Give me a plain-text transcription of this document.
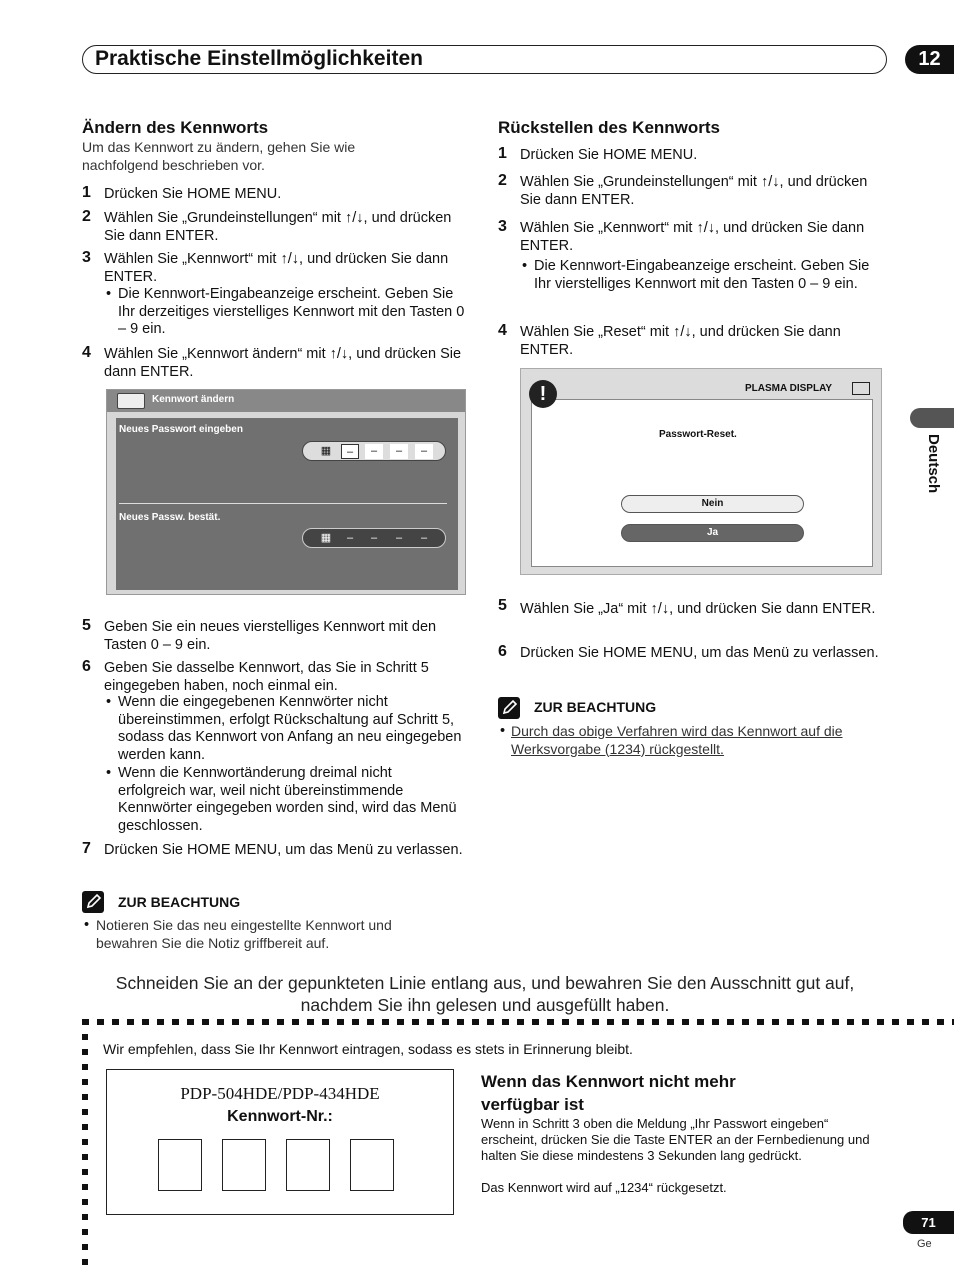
Praktische Einstellmöglichkeiten	12
Deutsch
Ändern des Kennworts
Um das Kennwort zu ändern, gehen Sie wie nachfolgend beschrieben vor.
1 Drücken Sie HOME MENU.
2 Wählen Sie „Grundeinstellungen“ mit ↑/↓, und drücken Sie dann ENTER.
3 Wählen Sie „Kennwort“ mit ↑/↓, und drücken Sie dann ENTER.
• Die Kennwort-Eingabeanzeige erscheint. Geben Sie Ihr derzeitiges vierstelliges Kennwort mit den Tasten 0 – 9 ein.
4 Wählen Sie „Kennwort ändern“ mit ↑/↓, und drücken Sie dann ENTER.
Kennwort ändern
Neues Passwort eingeben
▦	–	–	–	–
Neues Passw. bestät.
▦	–	–	–	–
5 Geben Sie ein neues vierstelliges Kennwort mit den Tasten 0 – 9 ein.
6 Geben Sie dasselbe Kennwort, das Sie in Schritt 5 eingegeben haben, noch einmal ein.
• Wenn die eingegebenen Kennwörter nicht übereinstimmen, erfolgt Rückschaltung auf Schritt 5, sodass das Kennwort von Anfang an neu eingegeben werden kann.
• Wenn die Kennwortänderung dreimal nicht erfolgreich war, weil nicht übereinstimmende Kennwörter eingegeben worden sind, wird das Menü geschlossen.
7 Drücken Sie HOME MENU, um das Menü zu verlassen.
ZUR BEACHTUNG
• Notieren Sie das neu eingestellte Kennwort und bewahren Sie die Notiz griffbereit auf.
Rückstellen des Kennworts
1 Drücken Sie HOME MENU.
2 Wählen Sie „Grundeinstellungen“ mit ↑/↓, und drücken Sie dann ENTER.
3 Wählen Sie „Kennwort“ mit ↑/↓, und drücken Sie dann ENTER.
• Die Kennwort-Eingabeanzeige erscheint. Geben Sie Ihr vierstelliges Kennwort mit den Tasten 0 – 9 ein.
4 Wählen Sie „Reset“ mit ↑/↓, und drücken Sie dann ENTER.
!	PLASMA DISPLAY
Passwort-Reset.
Nein
Ja
5 Wählen Sie „Ja“ mit ↑/↓, und drücken Sie dann ENTER.
6 Drücken Sie HOME MENU, um das Menü zu verlassen.
ZUR BEACHTUNG
• Durch das obige Verfahren wird das Kennwort auf die Werksvorgabe (1234) rückgestellt.
Schneiden Sie an der gepunkteten Linie entlang aus, und bewahren Sie den Ausschnitt gut auf, nachdem Sie ihn gelesen und ausgefüllt haben.
Wir empfehlen, dass Sie Ihr Kennwort eintragen, sodass es stets in Erinnerung bleibt.
PDP-504HDE/PDP-434HDE
Kennwort-Nr.:
Wenn das Kennwort nicht mehr verfügbar ist
Wenn in Schritt 3 oben die Meldung „Ihr Passwort eingeben“ erscheint, drücken Sie die Taste ENTER an der Fernbedienung und halten Sie diese mindestens 3 Sekunden lang gedrückt.
Das Kennwort wird auf „1234“ rückgesetzt.
71
Ge
